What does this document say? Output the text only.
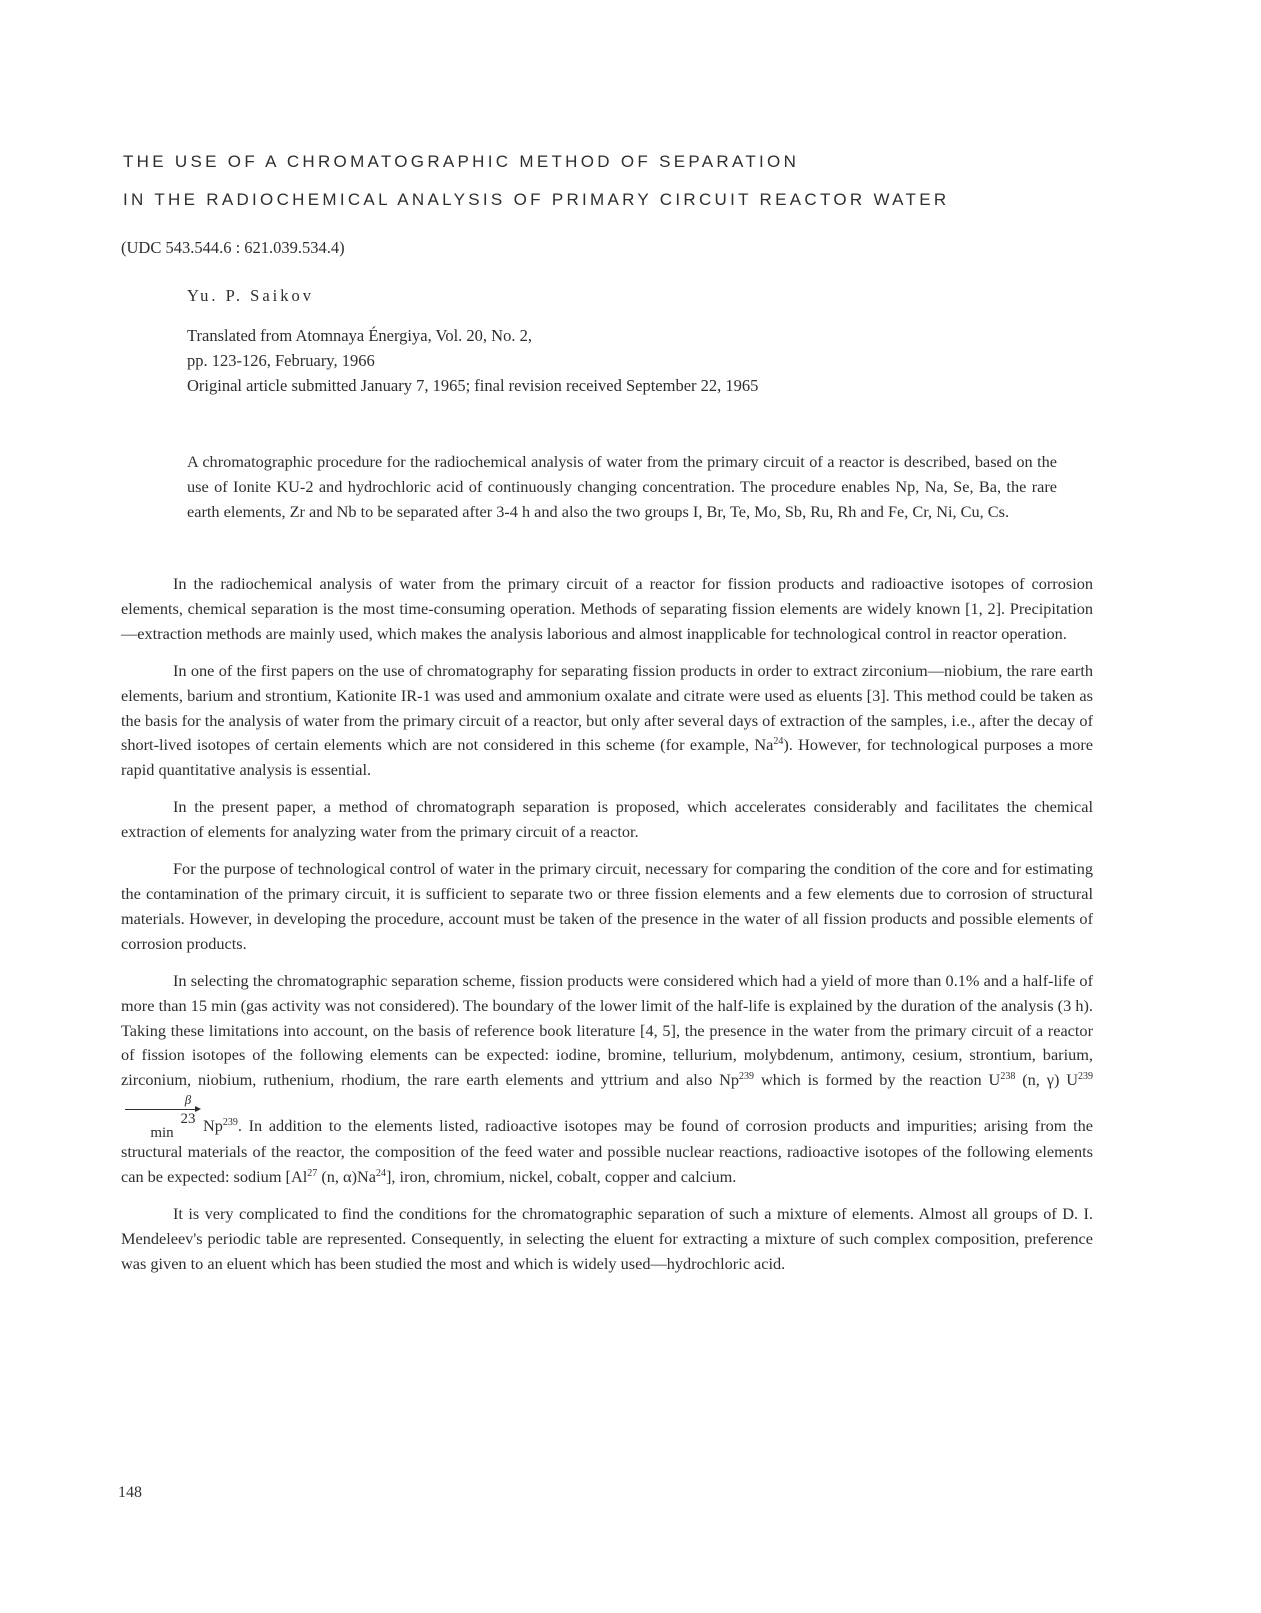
THE USE OF A CHROMATOGRAPHIC METHOD OF SEPARATION
IN THE RADIOCHEMICAL ANALYSIS OF PRIMARY CIRCUIT REACTOR WATER

(UDC 543.544.6 : 621.039.534.4)

Yu. P. Saikov

Translated from Atomnaya Énergiya, Vol. 20, No. 2,

pp. 123-126, February, 1966

Original article submitted January 7, 1965; final revision received September 22, 1965

A chromatographic procedure for the radiochemical analysis of water from the primary circuit of a reactor is described, based on the use of Ionite KU-2 and hydrochloric acid of continuously changing concentration. The procedure enables Np, Na, Se, Ba, the rare earth elements, Zr and Nb to be separated after 3-4 h and also the two groups I, Br, Te, Mo, Sb, Ru, Rh and Fe, Cr, Ni, Cu, Cs.

In the radiochemical analysis of water from the primary circuit of a reactor for fission products and radioactive isotopes of corrosion elements, chemical separation is the most time-consuming operation. Methods of separating fission elements are widely known [1, 2]. Precipitation—extraction methods are mainly used, which makes the analysis laborious and almost inapplicable for technological control in reactor operation.

In one of the first papers on the use of chromatography for separating fission products in order to extract zirconium—niobium, the rare earth elements, barium and strontium, Kationite IR-1 was used and ammonium oxalate and citrate were used as eluents [3]. This method could be taken as the basis for the analysis of water from the primary circuit of a reactor, but only after several days of extraction of the samples, i.e., after the decay of short-lived isotopes of certain elements which are not considered in this scheme (for example, Na$^{24}$). However, for technological purposes a more rapid quantitative analysis is essential.

In the present paper, a method of chromatograph separation is proposed, which accelerates considerably and facilitates the chemical extraction of elements for analyzing water from the primary circuit of a reactor.

For the purpose of technological control of water in the primary circuit, necessary for comparing the condition of the core and for estimating the contamination of the primary circuit, it is sufficient to separate two or three fission elements and a few elements due to corrosion of structural materials. However, in developing the procedure, account must be taken of the presence in the water of all fission products and possible elements of corrosion products.

In selecting the chromatographic separation scheme, fission products were considered which had a yield of more than 0.1% and a half-life of more than 15 min (gas activity was not considered). The boundary of the lower limit of the half-life is explained by the duration of the analysis (3 h). Taking these limitations into account, on the basis of reference book literature [4, 5], the presence in the water from the primary circuit of a reactor of fission isotopes of the following elements can be expected: iodine, bromine, tellurium, molybdenum, antimony, cesium, strontium, barium, zirconium, niobium, ruthenium, rhodium, the rare earth elements and yttrium and also Np$^{239}$ which is formed by the reaction $U^{238}$ (n, γ) $U^{239}$
β
23 min	Np$^{239}$. In addition to the elements listed, radioactive isotopes may be found of corrosion products and impurities; arising from the structural materials of the reactor, the composition of the feed water and possible nuclear reactions, radioactive isotopes of the following elements can be expected: sodium [Al$^{27}$ (n, α)Na$^{24}$], iron, chromium, nickel, cobalt, copper and calcium.

It is very complicated to find the conditions for the chromatographic separation of such a mixture of elements. Almost all groups of D. I. Mendeleev's periodic table are represented. Consequently, in selecting the eluent for extracting a mixture of such complex composition, preference was given to an eluent which has been studied the most and which is widely used—hydrochloric acid.

148
